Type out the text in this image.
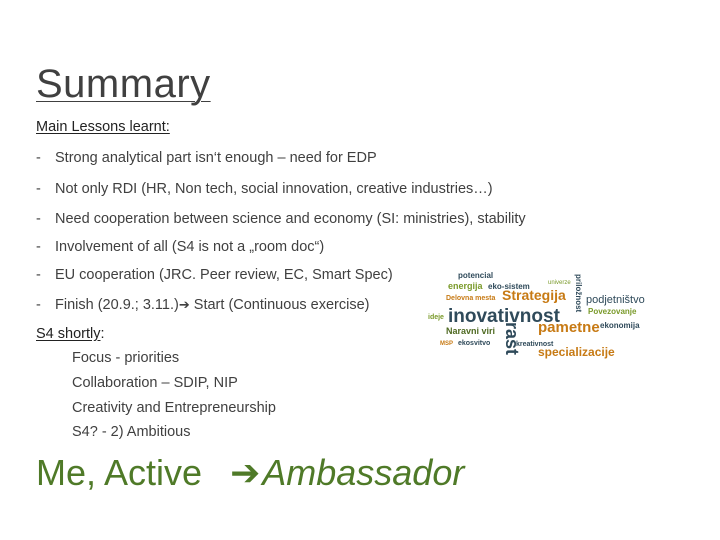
Summary
Main Lessons learnt:
- Strong analytical part isn‘t enough – need for EDP
- Not only RDI (HR, Non tech, social innovation, creative industries…)
- Need cooperation between science and economy (SI: ministries), stability
- Involvement of all (S4 is not a „room doc“)
- EU cooperation (JRC. Peer review, EC, Smart Spec)
- Finish (20.9.; 3.11.)➔ Start (Continuous exercise)
S4 shortly:
Focus - priorities
Collaboration – SDIP, NIP
Creativity and Entrepreneurship
S4? - 2) Ambitious
Me, Active ➔Ambassador
potencial
univerze priložnost
energija eko-sistem
Strategija podjetništvo
Delovna mesta
Povezovanje
ideje inovativnost
Naravni viri rast pametne ekonomija
MSP ekosvitvo	kreativnost
specializacije
